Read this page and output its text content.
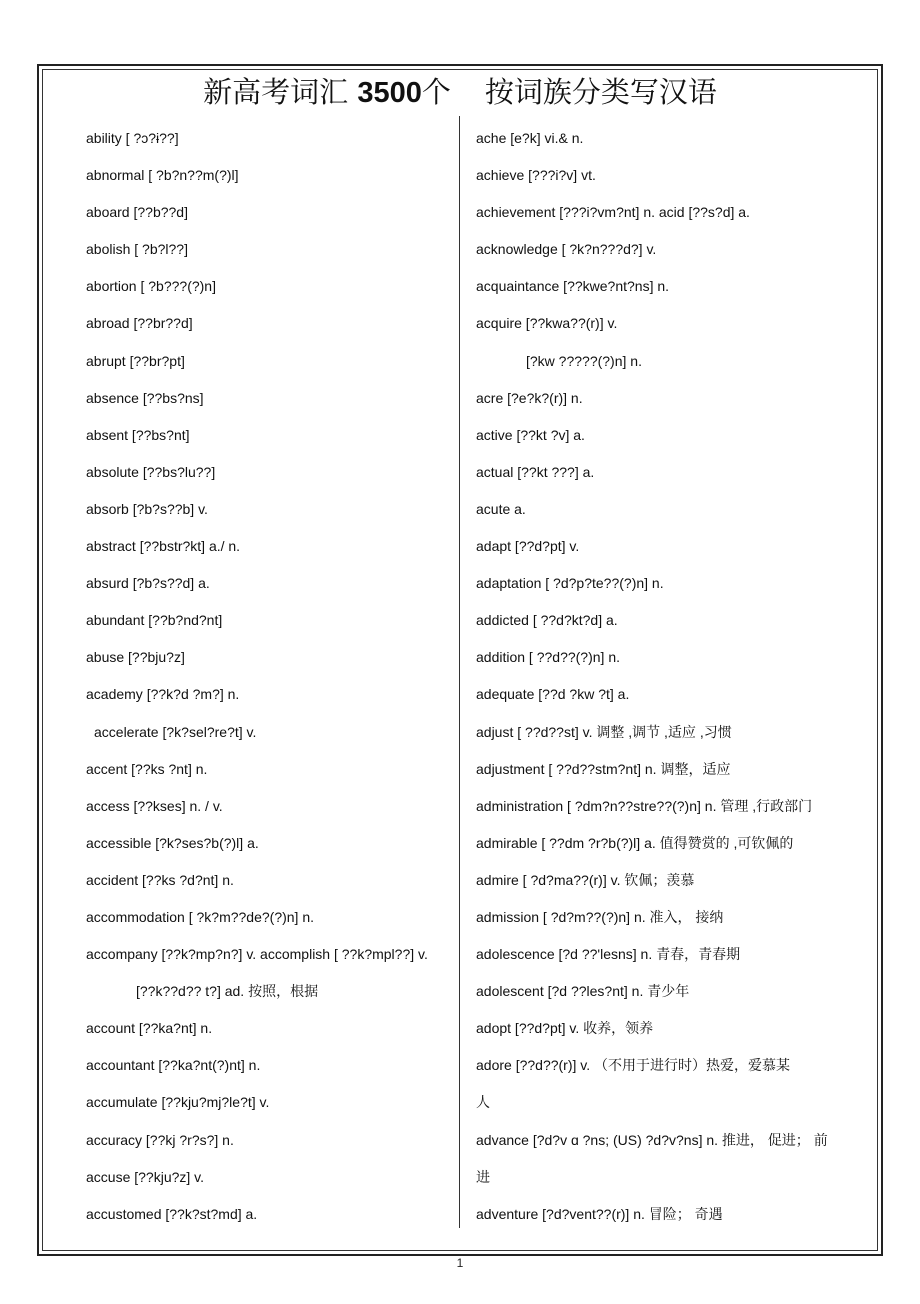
新高考词汇 3500个 按词族分类写汉语
ability [ ?ɔ?ɨ??]
abnormal [ ?b?n??m(?)l]
aboard [??b??d]
abolish [ ?b?l??]
abortion [ ?b???(?)n]
abroad [??br??d]
abrupt [??br?pt]
absence [??bs?ns]
absent [??bs?nt]
absolute [??bs?lu??]
absorb [?b?s??b] v.
abstract [??bstr?kt] a./ n.
absurd [?b?s??d] a.
abundant [??b?nd?nt]
abuse [??bju?z]
academy [??k?d ?m?] n.
accelerate [?k?sel?re?t] v.
accent [??ks ?nt] n.
access [??kses] n. / v.
accessible [?k?ses?b(?)l] a.
accident [??ks ?d?nt] n.
accommodation [ ?k?m??de?(?)n] n.
accompany [??k?mp?n?] v. accomplish [ ??k?mpl??] v.
[??k??d?? t?] ad. 按照，根据
account [??ka?nt] n.
accountant [??ka?nt(?)nt] n.
accumulate [??kju?mj?le?t] v.
accuracy [??kj ?r?s?] n.
accuse [??kju?z] v.
accustomed [??k?st?md] a.
ache [e?k] vi.& n.
achieve [???i?v] vt.
achievement [???i?vm?nt] n. acid [??s?d] a.
acknowledge [ ?k?n???d?] v.
acquaintance [??kwe?nt?ns] n.
acquire [??kwa??(r)] v.
[?kw ?????(?)n] n.
acre [?e?k?(r)] n.
active [??kt ?v] a.
actual [??kt ???] a.
acute a.
adapt [??d?pt] v.
adaptation [ ?d?p?te??(?)n] n.
addicted [ ??d?kt?d] a.
addition [ ??d??(?)n] n.
adequate [??d ?kw ?t] a.
adjust [ ??d??st] v. 调整 ,调节 ,适应 ,习惯
adjustment [ ??d??stm?nt] n. 调整，适应
administration [ ?dm?n??stre??(?)n] n. 管理 ,行政部门
admirable [ ??dm ?r?b(?)l] a. 值得赞赏的 ,可钦佩的
admire [ ?d?ma??(r)] v. 钦佩；羡慕
admission [ ?d?m??(?)n] n. 准入， 接纳
adolescence [?d ??'lesns] n. 青春，青春期
adolescent [?d ??les?nt] n. 青少年
adopt [??d?pt] v. 收养，领养
adore [??d??(r)] v. （不用于进行时）热爱，爱慕某
人
advance [?d?v ɑ ?ns; (US) ?d?v?ns] n. 推进， 促进； 前
进
adventure [?d?vent??(r)] n. 冒险； 奇遇
1
